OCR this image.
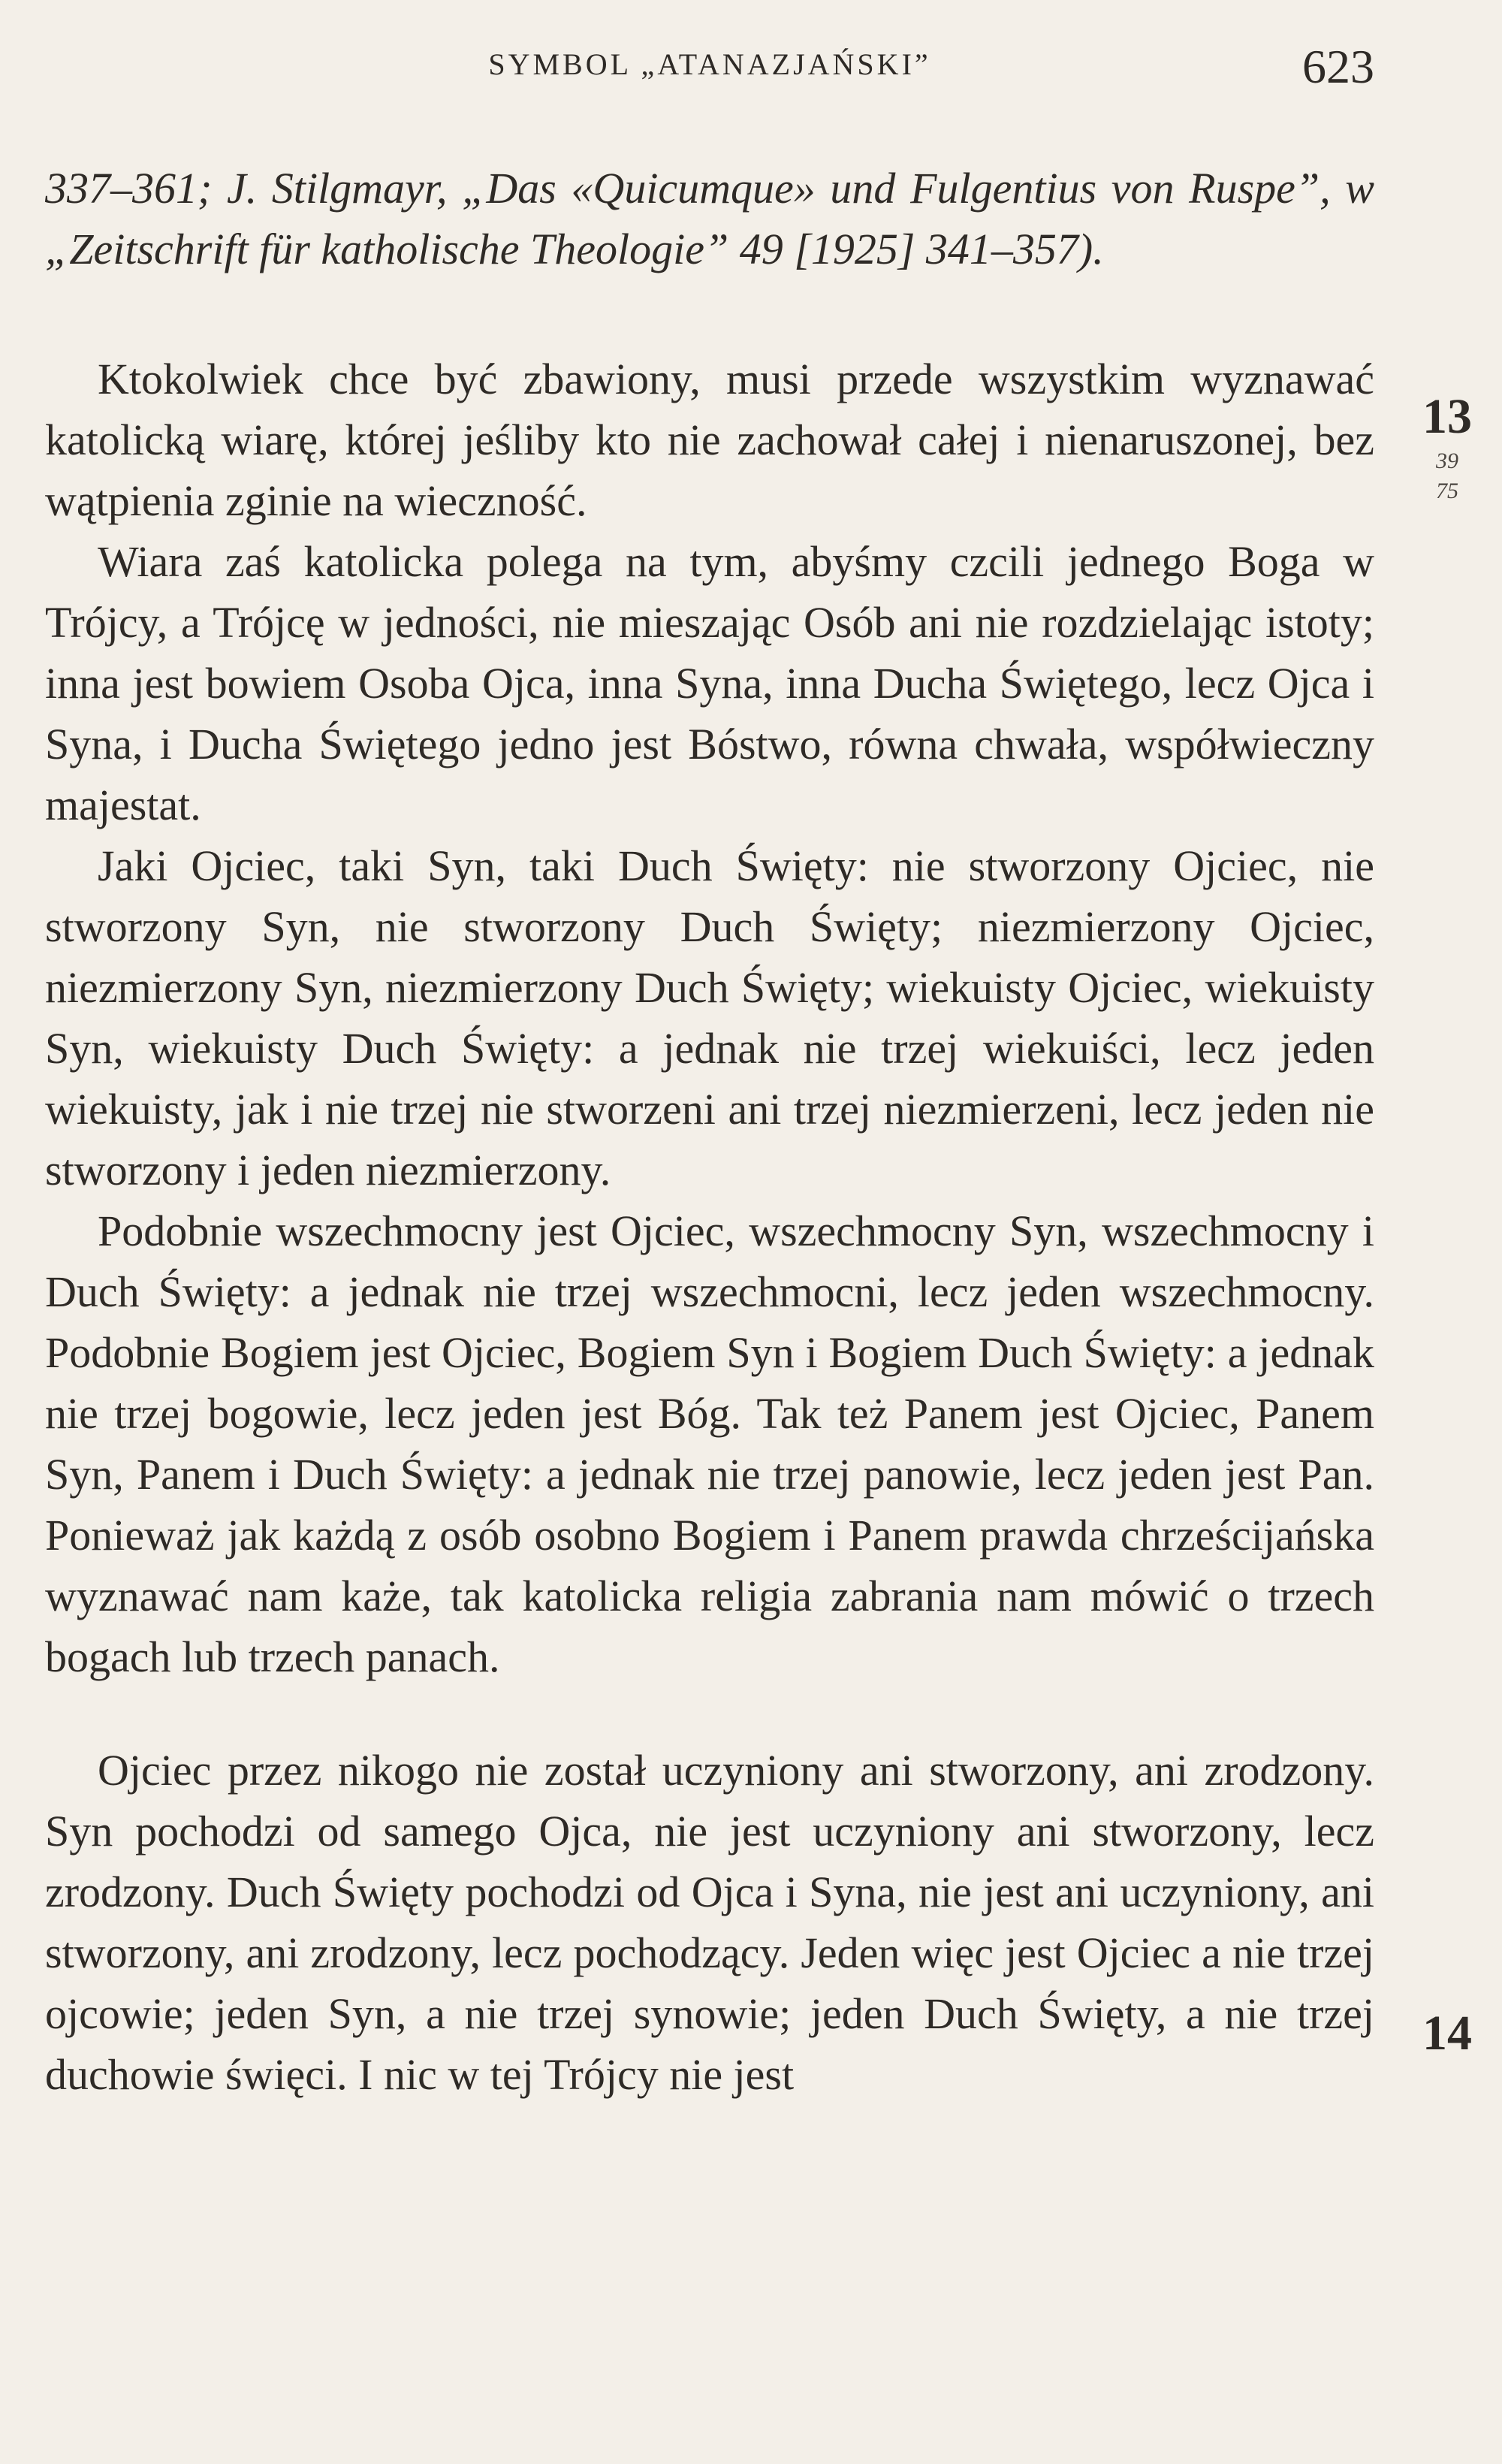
SYMBOL „ATANAZJAŃSKI”	623

337–361; J. Stilgmayr, „Das «Quicumque» und Fulgentius von Ruspe”, w „Zeitschrift für katholische Theologie” 49 [1925] 341–357).

Ktokolwiek chce być zbawiony, musi przede wszystkim wyznawać katolicką wiarę, której jeśliby kto nie zachował całej i nienaruszonej, bez wątpienia zginie na wieczność.

Wiara zaś katolicka polega na tym, abyśmy czcili jednego Boga w Trójcy, a Trójcę w jedności, nie mieszając Osób ani nie rozdzielając istoty; inna jest bowiem Osoba Ojca, inna Syna, inna Ducha Świętego, lecz Ojca i Syna, i Ducha Świętego jedno jest Bóstwo, równa chwała, współwieczny majestat.

Jaki Ojciec, taki Syn, taki Duch Święty: nie stworzony Ojciec, nie stworzony Syn, nie stworzony Duch Święty; niezmierzony Ojciec, niezmierzony Syn, niezmierzony Duch Święty; wiekuisty Ojciec, wiekuisty Syn, wiekuisty Duch Święty: a jednak nie trzej wiekuiści, lecz jeden wiekuisty, jak i nie trzej nie stworzeni ani trzej niezmierzeni, lecz jeden nie stworzony i jeden niezmierzony.

Podobnie wszechmocny jest Ojciec, wszechmocny Syn, wszechmocny i Duch Święty: a jednak nie trzej wszechmocni, lecz jeden wszechmocny. Podobnie Bogiem jest Ojciec, Bogiem Syn i Bogiem Duch Święty: a jednak nie trzej bogowie, lecz jeden jest Bóg. Tak też Panem jest Ojciec, Panem Syn, Panem i Duch Święty: a jednak nie trzej panowie, lecz jeden jest Pan. Ponieważ jak każdą z osób osobno Bogiem i Panem prawda chrześcijańska wyznawać nam każe, tak katolicka religia zabrania nam mówić o trzech bogach lub trzech panach.

Ojciec przez nikogo nie został uczyniony ani stworzony, ani zrodzony. Syn pochodzi od samego Ojca, nie jest uczyniony ani stworzony, lecz zrodzony. Duch Święty pochodzi od Ojca i Syna, nie jest ani uczyniony, ani stworzony, ani zrodzony, lecz pochodzący. Jeden więc jest Ojciec a nie trzej ojcowie; jeden Syn, a nie trzej synowie; jeden Duch Święty, a nie trzej duchowie święci. I nic w tej Trójcy nie jest

13
39
75
14
